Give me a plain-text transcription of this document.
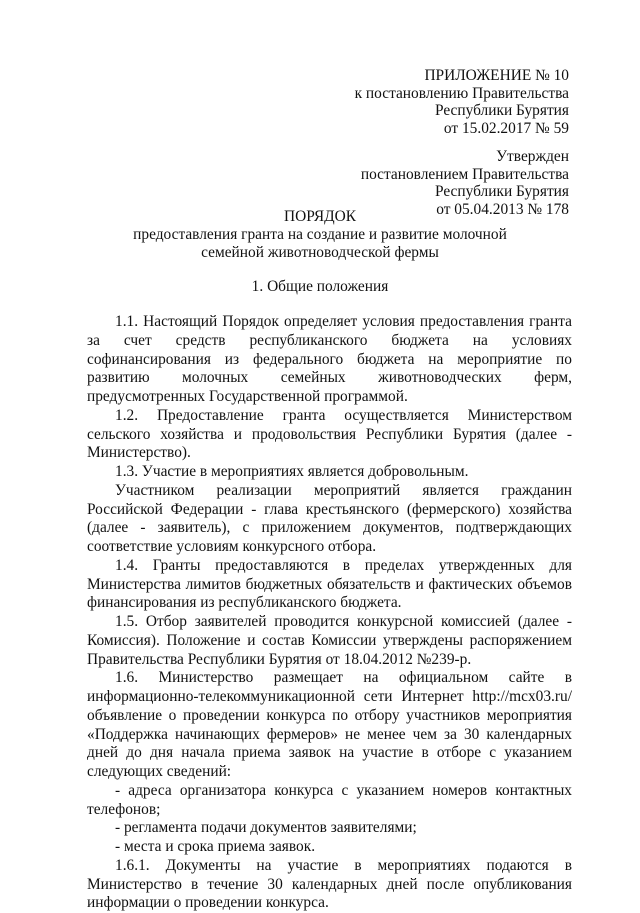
ПРИЛОЖЕНИЕ № 10
к постановлению Правительства
Республики Бурятия
от 15.02.2017 № 59
Утвержден
постановлением Правительства
Республики Бурятия
от 05.04.2013 № 178
ПОРЯДОК
предоставления гранта на создание и развитие молочной
семейной животноводческой фермы
1. Общие положения

1.1. Настоящий Порядок определяет условия предоставления гранта за счет средств республиканского бюджета на условиях софинансирования из федерального бюджета на мероприятие по развитию молочных семейных животноводческих ферм, предусмотренных Государственной программой.

1.2. Предоставление гранта осуществляется Министерством сельского хозяйства и продовольствия Республики Бурятия (далее - Министерство).

1.3. Участие в мероприятиях является добровольным.

Участником реализации мероприятий является гражданин Российской Федерации - глава крестьянского (фермерского) хозяйства (далее - заявитель), с приложением документов, подтверждающих соответствие условиям конкурсного отбора.

1.4. Гранты предоставляются в пределах утвержденных для Министерства лимитов бюджетных обязательств и фактических объемов финансирования из республиканского бюджета.

1.5. Отбор заявителей проводится конкурсной комиссией (далее - Комиссия). Положение и состав Комиссии утверждены распоряжением Правительства Республики Бурятия от 18.04.2012 №239-р.

1.6. Министерство размещает на официальном сайте в информационно-телекоммуникационной сети Интернет http://mcx03.ru/ объявление о проведении конкурса по отбору участников мероприятия «Поддержка начинающих фермеров» не менее чем за 30 календарных дней до дня начала приема заявок на участие в отборе с указанием следующих сведений:

- адреса организатора конкурса с указанием номеров контактных телефонов;

- регламента подачи документов заявителями;

- места и срока приема заявок.

1.6.1. Документы на участие в мероприятиях подаются в Министерство в течение 30 календарных дней после опубликования информации о проведении конкурса.
